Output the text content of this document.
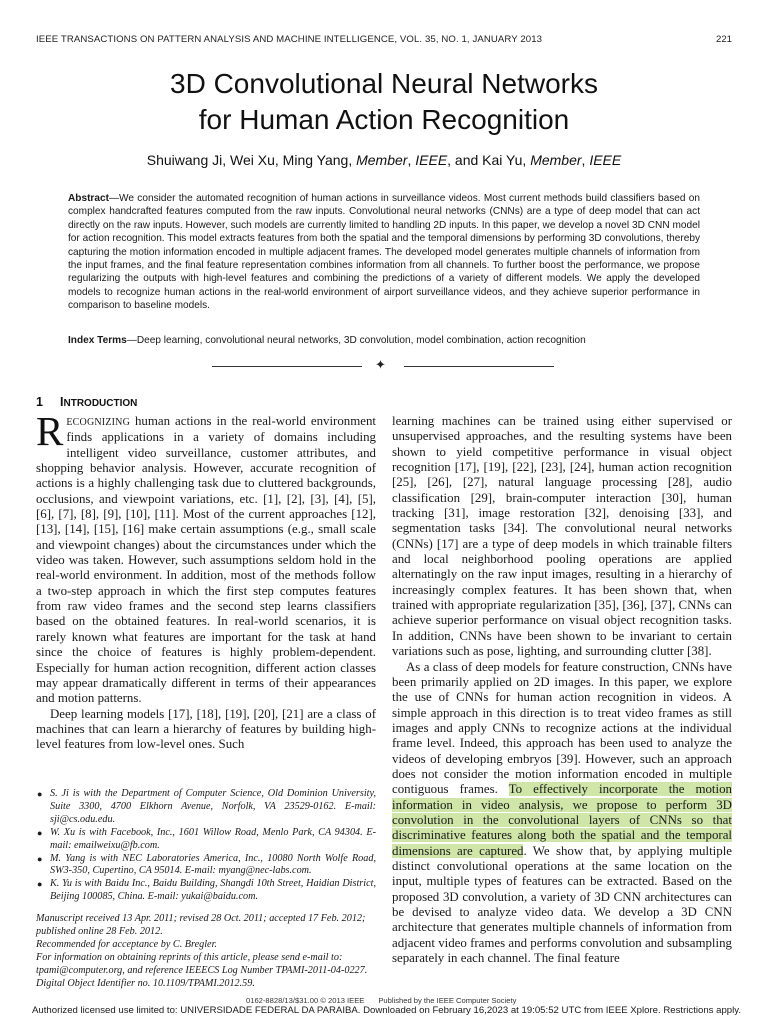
IEEE TRANSACTIONS ON PATTERN ANALYSIS AND MACHINE INTELLIGENCE, VOL. 35, NO. 1, JANUARY 2013	221
3D Convolutional Neural Networks
for Human Action Recognition
Shuiwang Ji, Wei Xu, Ming Yang, Member, IEEE, and Kai Yu, Member, IEEE
Abstract—We consider the automated recognition of human actions in surveillance videos. Most current methods build classifiers based on complex handcrafted features computed from the raw inputs. Convolutional neural networks (CNNs) are a type of deep model that can act directly on the raw inputs. However, such models are currently limited to handling 2D inputs. In this paper, we develop a novel 3D CNN model for action recognition. This model extracts features from both the spatial and the temporal dimensions by performing 3D convolutions, thereby capturing the motion information encoded in multiple adjacent frames. The developed model generates multiple channels of information from the input frames, and the final feature representation combines information from all channels. To further boost the performance, we propose regularizing the outputs with high-level features and combining the predictions of a variety of different models. We apply the developed models to recognize human actions in the real-world environment of airport surveillance videos, and they achieve superior performance in comparison to baseline models.
Index Terms—Deep learning, convolutional neural networks, 3D convolution, model combination, action recognition
✦
1 INTRODUCTION

RECOGNIZING human actions in the real-world environment finds applications in a variety of domains including intelligent video surveillance, customer attributes, and shopping behavior analysis. However, accurate recognition of actions is a highly challenging task due to cluttered backgrounds, occlusions, and viewpoint variations, etc. [1], [2], [3], [4], [5], [6], [7], [8], [9], [10], [11]. Most of the current approaches [12], [13], [14], [15], [16] make certain assumptions (e.g., small scale and viewpoint changes) about the circumstances under which the video was taken. However, such assumptions seldom hold in the real-world environment. In addition, most of the methods follow a two-step approach in which the first step computes features from raw video frames and the second step learns classifiers based on the obtained features. In real-world scenarios, it is rarely known what features are important for the task at hand since the choice of features is highly problem-dependent. Especially for human action recognition, different action classes may appear dramatically different in terms of their appearances and motion patterns.

Deep learning models [17], [18], [19], [20], [21] are a class of machines that can learn a hierarchy of features by building high-level features from low-level ones. Such

● S. Ji is with the Department of Computer Science, Old Dominion University, Suite 3300, 4700 Elkhorn Avenue, Norfolk, VA 23529-0162. E-mail: sji@cs.odu.edu.
● W. Xu is with Facebook, Inc., 1601 Willow Road, Menlo Park, CA 94304. E-mail: emailweixu@fb.com.
● M. Yang is with NEC Laboratories America, Inc., 10080 North Wolfe Road, SW3-350, Cupertino, CA 95014. E-mail: myang@nec-labs.com.
● K. Yu is with Baidu Inc., Baidu Building, Shangdi 10th Street, Haidian District, Beijing 100085, China. E-mail: yukai@baidu.com.
Manuscript received 13 Apr. 2011; revised 28 Oct. 2011; accepted 17 Feb. 2012; published online 28 Feb. 2012.
Recommended for acceptance by C. Bregler.
For information on obtaining reprints of this article, please send e-mail to: tpami@computer.org, and reference IEEECS Log Number TPAMI-2011-04-0227.
Digital Object Identifier no. 10.1109/TPAMI.2012.59.

learning machines can be trained using either supervised or unsupervised approaches, and the resulting systems have been shown to yield competitive performance in visual object recognition [17], [19], [22], [23], [24], human action recognition [25], [26], [27], natural language processing [28], audio classification [29], brain-computer interaction [30], human tracking [31], image restoration [32], denoising [33], and segmentation tasks [34]. The convolutional neural networks (CNNs) [17] are a type of deep models in which trainable filters and local neighborhood pooling operations are applied alternatingly on the raw input images, resulting in a hierarchy of increasingly complex features. It has been shown that, when trained with appropriate regularization [35], [36], [37], CNNs can achieve superior performance on visual object recognition tasks. In addition, CNNs have been shown to be invariant to certain variations such as pose, lighting, and surrounding clutter [38].

As a class of deep models for feature construction, CNNs have been primarily applied on 2D images. In this paper, we explore the use of CNNs for human action recognition in videos. A simple approach in this direction is to treat video frames as still images and apply CNNs to recognize actions at the individual frame level. Indeed, this approach has been used to analyze the videos of developing embryos [39]. However, such an approach does not consider the motion information encoded in multiple contiguous frames. To effectively incorporate the motion information in video analysis, we propose to perform 3D convolution in the convolutional layers of CNNs so that discriminative features along both the spatial and the temporal dimensions are captured. We show that, by applying multiple distinct convolutional operations at the same location on the input, multiple types of features can be extracted. Based on the proposed 3D convolution, a variety of 3D CNN architectures can be devised to analyze video data. We develop a 3D CNN architecture that generates multiple channels of information from adjacent video frames and performs convolution and subsampling separately in each channel. The final feature

0162-8828/13/$31.00 © 2013 IEEE Published by the IEEE Computer Society
Authorized licensed use limited to: UNIVERSIDADE FEDERAL DA PARAIBA. Downloaded on February 16,2023 at 19:05:52 UTC from IEEE Xplore. Restrictions apply.
